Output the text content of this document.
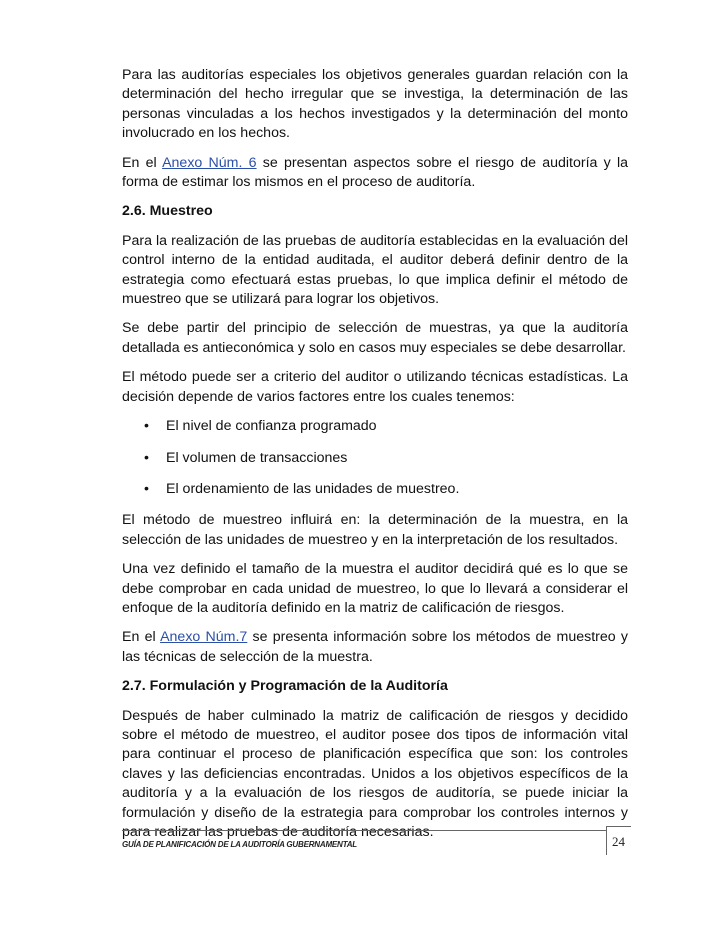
Para las auditorías especiales los objetivos generales guardan relación con la determinación del hecho irregular que se investiga, la determinación de las personas vinculadas a los hechos investigados y la determinación del monto involucrado en los hechos.

En el Anexo Núm. 6 se presentan aspectos sobre el riesgo de auditoría y la forma de estimar los mismos en el proceso de auditoría.

2.6. Muestreo

Para la realización de las pruebas de auditoría establecidas en la evaluación del control interno de la entidad auditada, el auditor deberá definir dentro de la estrategia como efectuará estas pruebas, lo que implica definir el método de muestreo que se utilizará para lograr los objetivos.

Se debe partir del principio de selección de muestras, ya que la auditoría detallada es antieconómica y solo en casos muy especiales se debe desarrollar.

El método puede ser a criterio del auditor o utilizando técnicas estadísticas. La decisión depende de varios factores entre los cuales tenemos:

• El nivel de confianza programado
• El volumen de transacciones
• El ordenamiento de las unidades de muestreo.

El método de muestreo influirá en: la determinación de la muestra, en la selección de las unidades de muestreo y en la interpretación de los resultados.

Una vez definido el tamaño de la muestra el auditor decidirá qué es lo que se debe comprobar en cada unidad de muestreo, lo que lo llevará a considerar el enfoque de la auditoría definido en la matriz de calificación de riesgos.

En el Anexo Núm.7 se presenta información sobre los métodos de muestreo y las técnicas de selección de la muestra.

2.7. Formulación y Programación de la Auditoría

Después de haber culminado la matriz de calificación de riesgos y decidido sobre el método de muestreo, el auditor posee dos tipos de información vital para continuar el proceso de planificación específica que son: los controles claves y las deficiencias encontradas. Unidos a los objetivos específicos de la auditoría y a la evaluación de los riesgos de auditoría, se puede iniciar la formulación y diseño de la estrategia para comprobar los controles internos y para realizar las pruebas de auditoría necesarias.

GUÍA DE PLANIFICACIÓN DE LA AUDITORÍA GUBERNAMENTAL	24
